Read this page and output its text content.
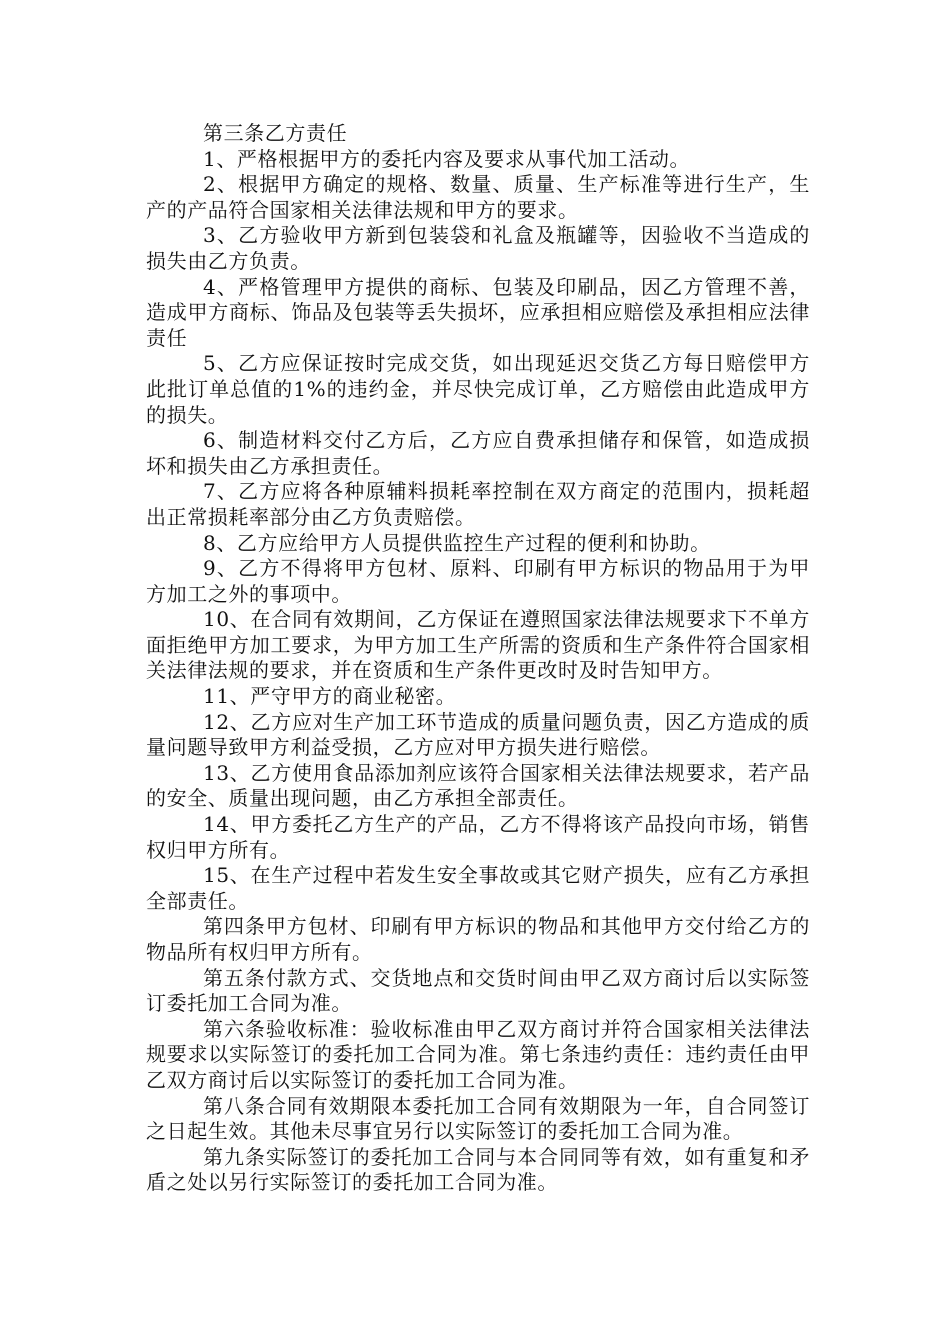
第三条乙方责任

1、严格根据甲方的委托内容及要求从事代加工活动。

2、根据甲方确定的规格、数量、质量、生产标准等进行生产，生产的产品符合国家相关法律法规和甲方的要求。

3、乙方验收甲方新到包装袋和礼盒及瓶罐等，因验收不当造成的损失由乙方负责。

4、严格管理甲方提供的商标、包装及印刷品，因乙方管理不善，造成甲方商标、饰品及包装等丢失损坏，应承担相应赔偿及承担相应法律责任

5、乙方应保证按时完成交货，如出现延迟交货乙方每日赔偿甲方此批订单总值的1%的违约金，并尽快完成订单，乙方赔偿由此造成甲方的损失。

6、制造材料交付乙方后，乙方应自费承担储存和保管，如造成损坏和损失由乙方承担责任。

7、乙方应将各种原辅料损耗率控制在双方商定的范围内，损耗超出正常损耗率部分由乙方负责赔偿。

8、乙方应给甲方人员提供监控生产过程的便利和协助。

9、乙方不得将甲方包材、原料、印刷有甲方标识的物品用于为甲方加工之外的事项中。

10、在合同有效期间，乙方保证在遵照国家法律法规要求下不单方面拒绝甲方加工要求，为甲方加工生产所需的资质和生产条件符合国家相关法律法规的要求，并在资质和生产条件更改时及时告知甲方。

11、严守甲方的商业秘密。

12、乙方应对生产加工环节造成的质量问题负责，因乙方造成的质量问题导致甲方利益受损，乙方应对甲方损失进行赔偿。

13、乙方使用食品添加剂应该符合国家相关法律法规要求，若产品的安全、质量出现问题，由乙方承担全部责任。

14、甲方委托乙方生产的产品，乙方不得将该产品投向市场，销售权归甲方所有。

15、在生产过程中若发生安全事故或其它财产损失，应有乙方承担全部责任。

第四条甲方包材、印刷有甲方标识的物品和其他甲方交付给乙方的物品所有权归甲方所有。

第五条付款方式、交货地点和交货时间由甲乙双方商讨后以实际签订委托加工合同为准。

第六条验收标准：验收标准由甲乙双方商讨并符合国家相关法律法规要求以实际签订的委托加工合同为准。第七条违约责任：违约责任由甲乙双方商讨后以实际签订的委托加工合同为准。

第八条合同有效期限本委托加工合同有效期限为一年，自合同签订之日起生效。其他未尽事宜另行以实际签订的委托加工合同为准。

第九条实际签订的委托加工合同与本合同同等有效，如有重复和矛盾之处以另行实际签订的委托加工合同为准。
